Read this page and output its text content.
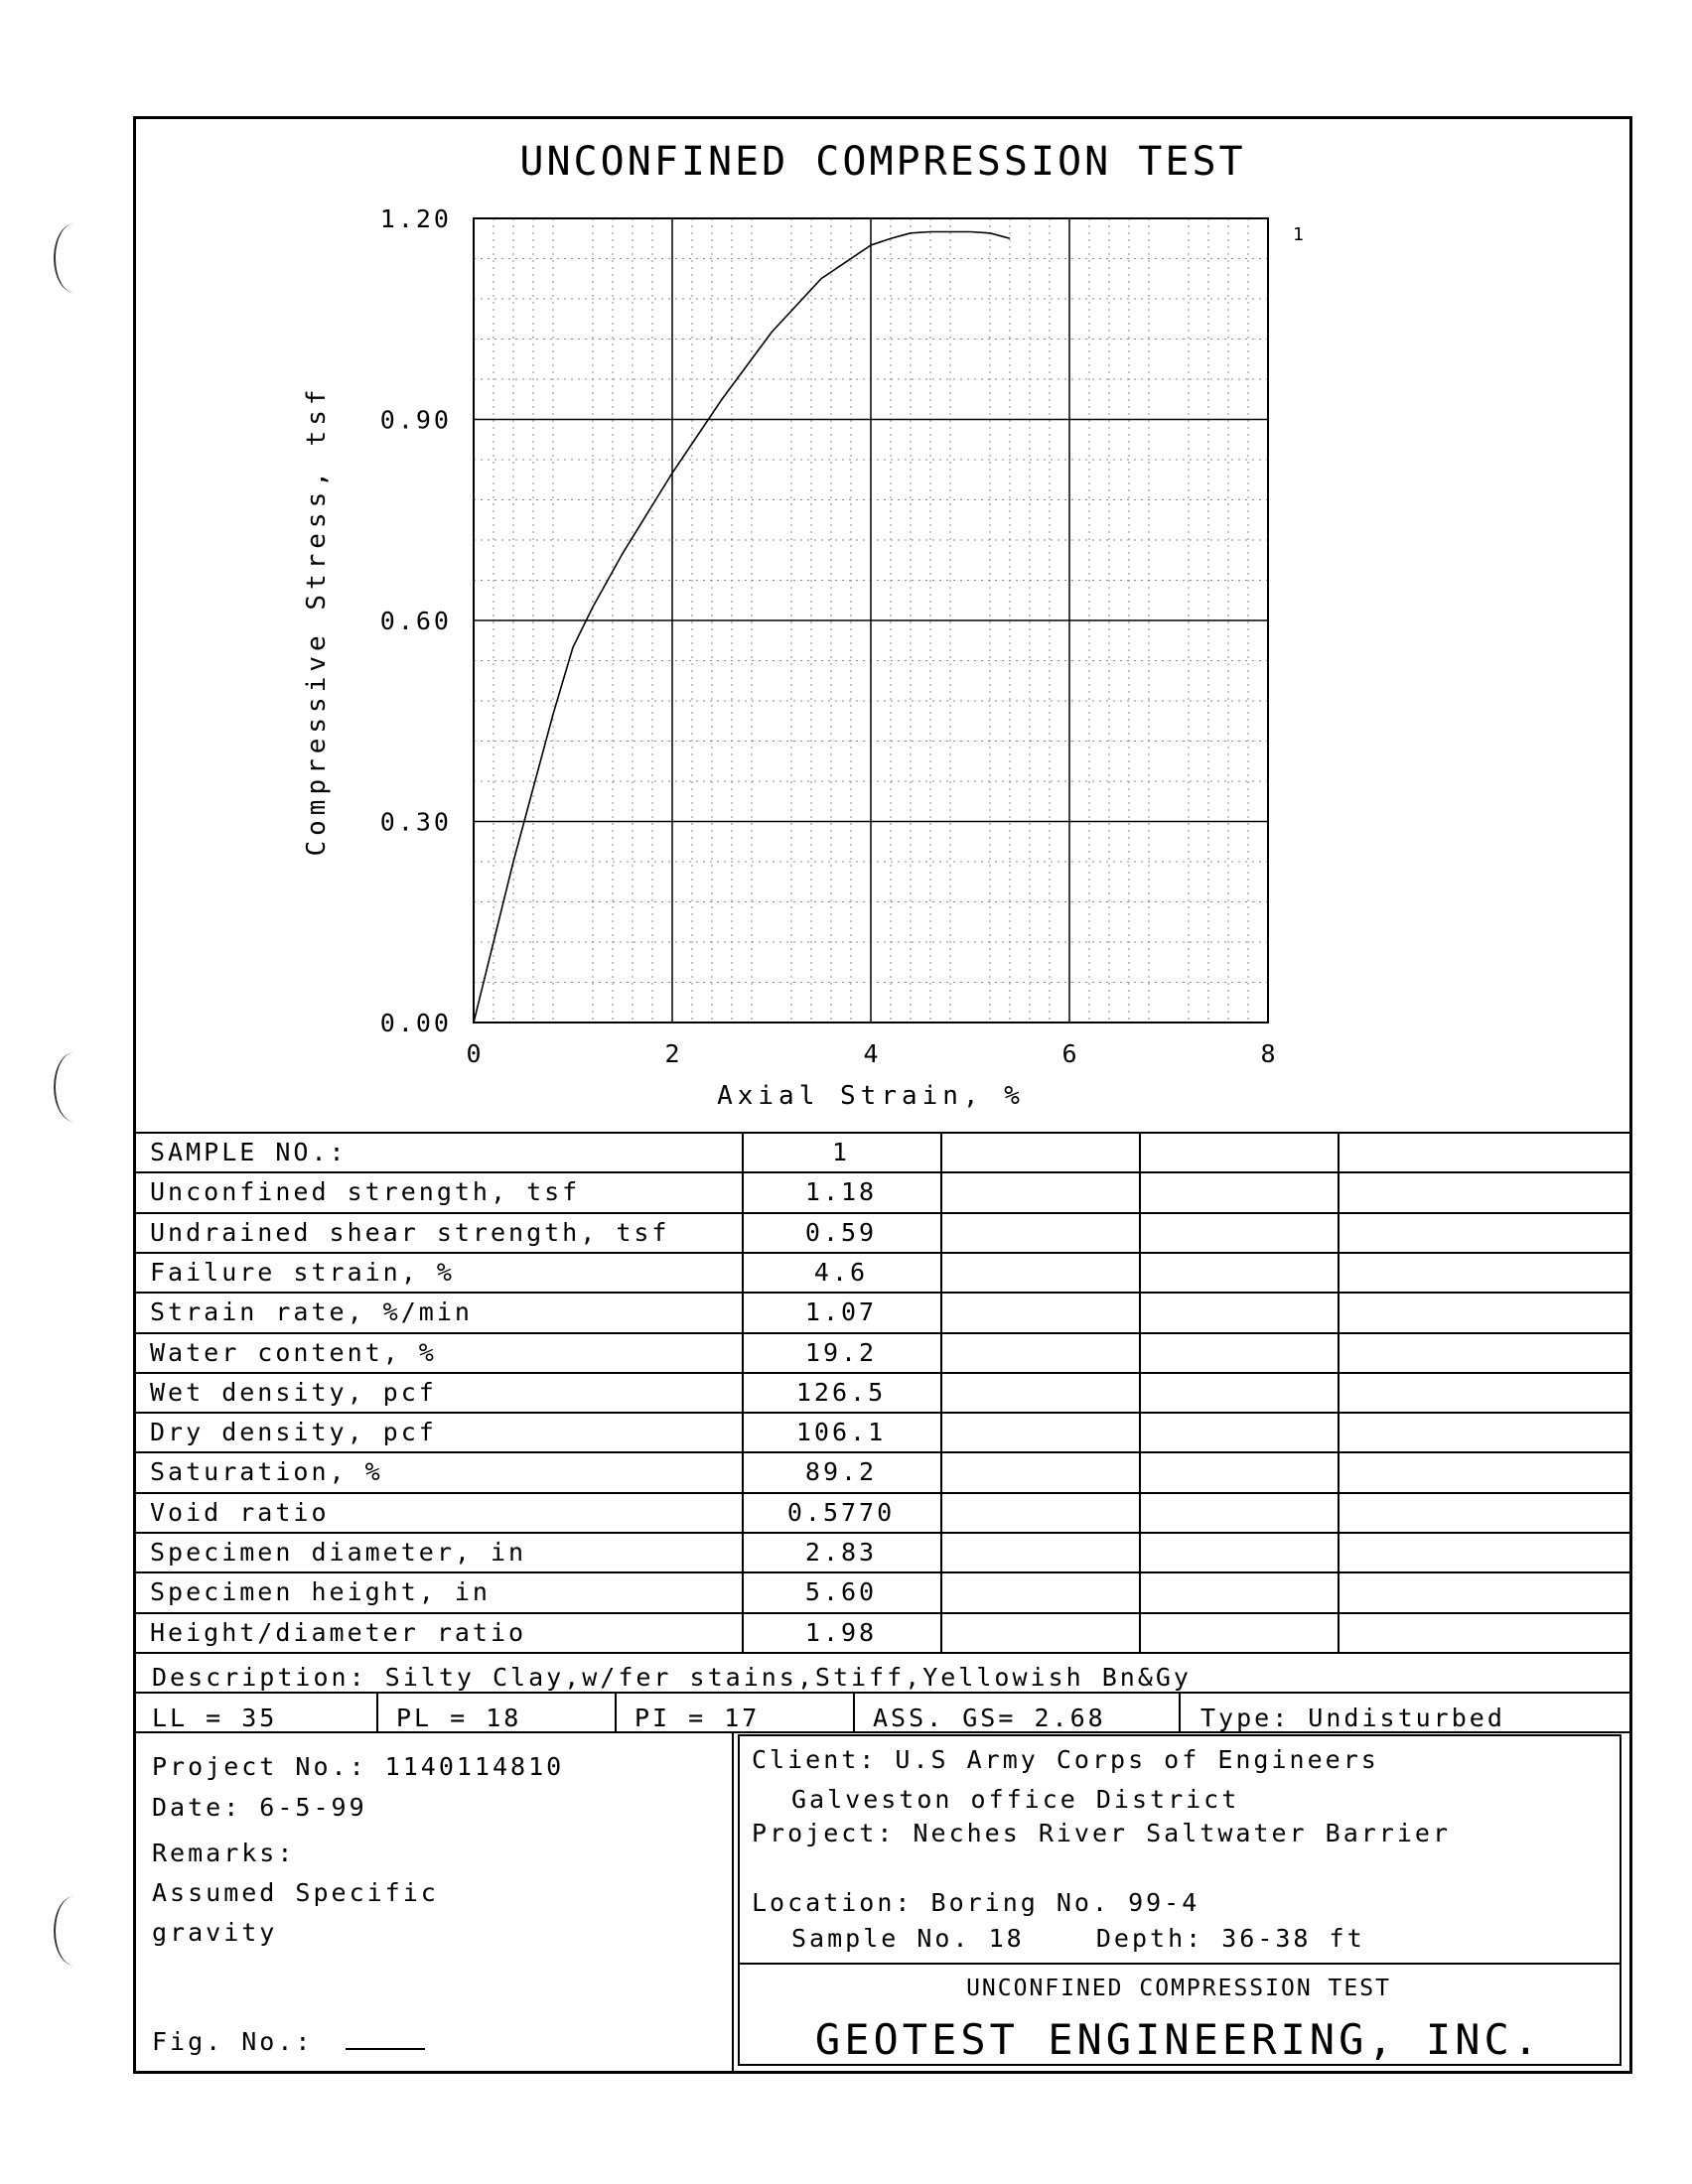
UNCONFINED COMPRESSION TEST
0	2	4	6	8
0.00
0.30
0.60
0.90
1.20
Axial Strain, %
Compressive Stress, tsf
1
Description: Silty Clay,w/fer stains,Stiff,Yellowish Bn&Gy
LL = 35	PL = 18	PI = 17	ASS. GS= 2.68	Type: Undisturbed
Project No.: 1140114810
Date: 6-5-99
Remarks:
Assumed Specific
gravity
Fig. No.:
Client: U.S Army Corps of Engineers
Galveston office District
Project: Neches River Saltwater Barrier
Location: Boring No. 99-4
Sample No. 18    Depth: 36-38 ft
UNCONFINED COMPRESSION TEST
GEOTEST ENGINEERING, INC.
SAMPLE NO.:	1
Unconfined strength, tsf	1.18
Undrained shear strength, tsf	0.59
Failure strain, %	4.6
Strain rate, %/min	1.07
Water content, %	19.2
Wet density, pcf	126.5
Dry density, pcf	106.1
Saturation, %	89.2
Void ratio	0.5770
Specimen diameter, in	2.83
Specimen height, in	5.60
Height/diameter ratio	1.98
